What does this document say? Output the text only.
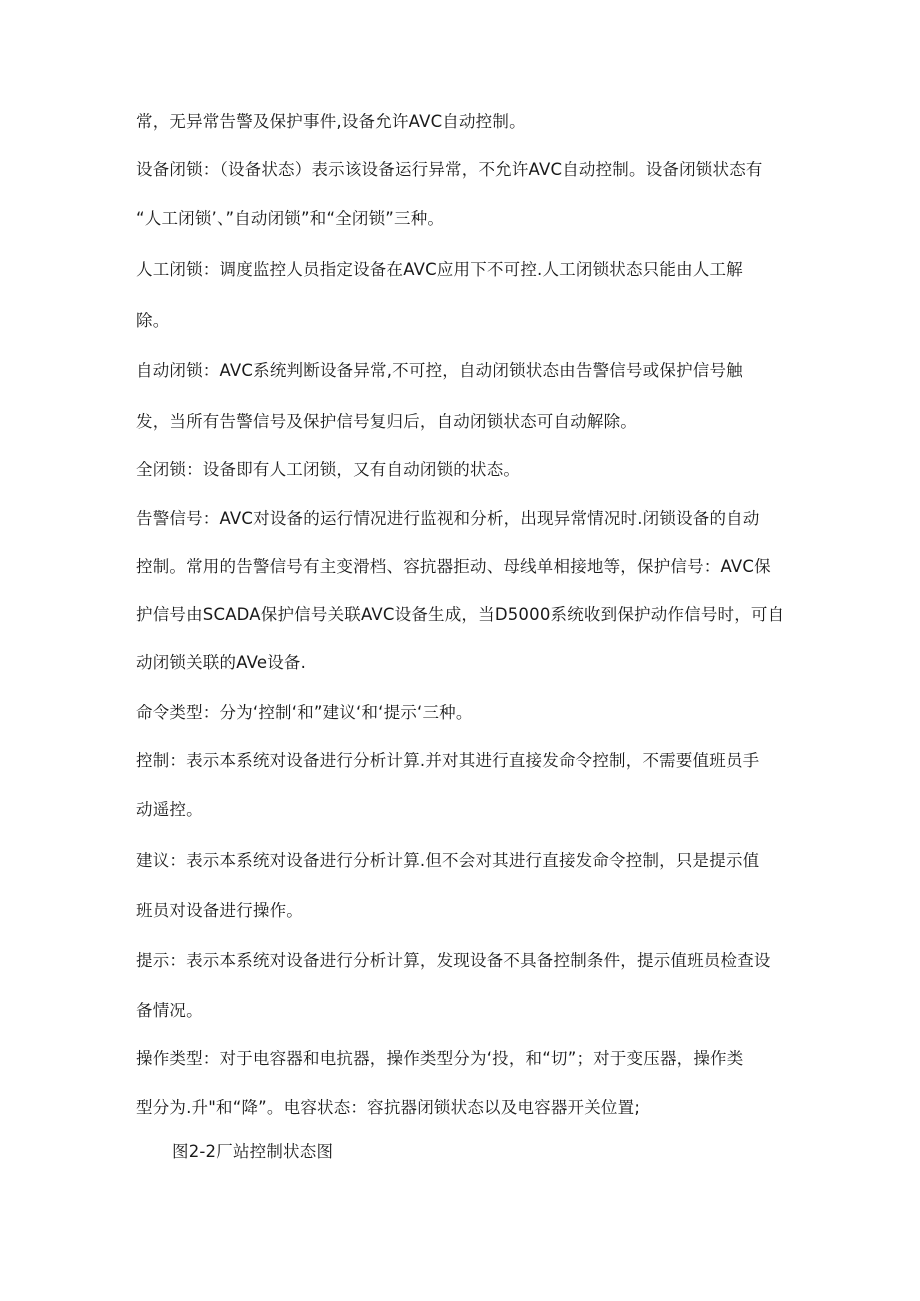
常，无异常告警及保护事件,设备允许AVC自动控制。
设备闭锁：（设备状态）表示该设备运行异常，不允许AVC自动控制。设备闭锁状态有
“人工闭锁’、”自动闭锁”和“全闭锁”三种。
人工闭锁：调度监控人员指定设备在AVC应用下不可控.人工闭锁状态只能由人工解
除。
自动闭锁：AVC系统判断设备异常,不可控，自动闭锁状态由告警信号或保护信号触
发，当所有告警信号及保护信号复归后，自动闭锁状态可自动解除。
全闭锁：设备即有人工闭锁，又有自动闭锁的状态。
告警信号：AVC对设备的运行情况进行监视和分析，出现异常情况时.闭锁设备的自动
控制。常用的告警信号有主变滑档、容抗器拒动、母线单相接地等，保护信号：AVC保
护信号由SCADA保护信号关联AVC设备生成，当D5000系统收到保护动作信号时，可自
动闭锁关联的AVe设备.
命令类型：分为‘控制‘和”建议‘和‘提示‘三种。
控制：表示本系统对设备进行分析计算.并对其进行直接发命令控制，不需要值班员手
动遥控。
建议：表示本系统对设备进行分析计算.但不会对其进行直接发命令控制，只是提示值
班员对设备进行操作。
提示：表示本系统对设备进行分析计算，发现设备不具备控制条件，提示值班员检查设
备情况。
操作类型：对于电容器和电抗器，操作类型分为‘投，和“切”；对于变压器，操作类
型分为.升"和“降”。电容状态：容抗器闭锁状态以及电容器开关位置;
图2-2厂站控制状态图
